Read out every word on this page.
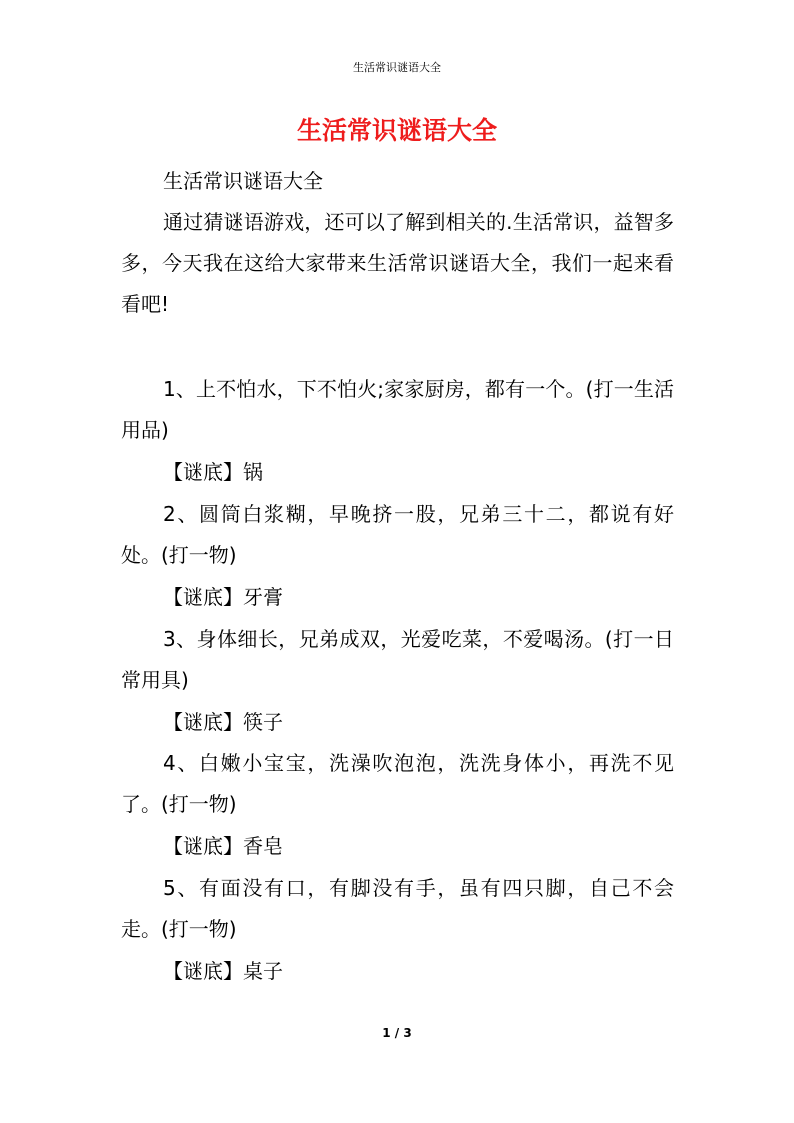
生活常识谜语大全
生活常识谜语大全

生活常识谜语大全

通过猜谜语游戏，还可以了解到相关的.生活常识，益智多多，今天我在这给大家带来生活常识谜语大全，我们一起来看看吧!

1、上不怕水，下不怕火;家家厨房，都有一个。(打一生活用品)

【谜底】锅

2、圆筒白浆糊，早晚挤一股，兄弟三十二，都说有好处。(打一物)

【谜底】牙膏

3、身体细长，兄弟成双，光爱吃菜，不爱喝汤。(打一日常用具)

【谜底】筷子

4、白嫩小宝宝，洗澡吹泡泡，洗洗身体小，再洗不见了。(打一物)

【谜底】香皂

5、有面没有口，有脚没有手，虽有四只脚，自己不会走。(打一物)

【谜底】桌子

1 / 3
